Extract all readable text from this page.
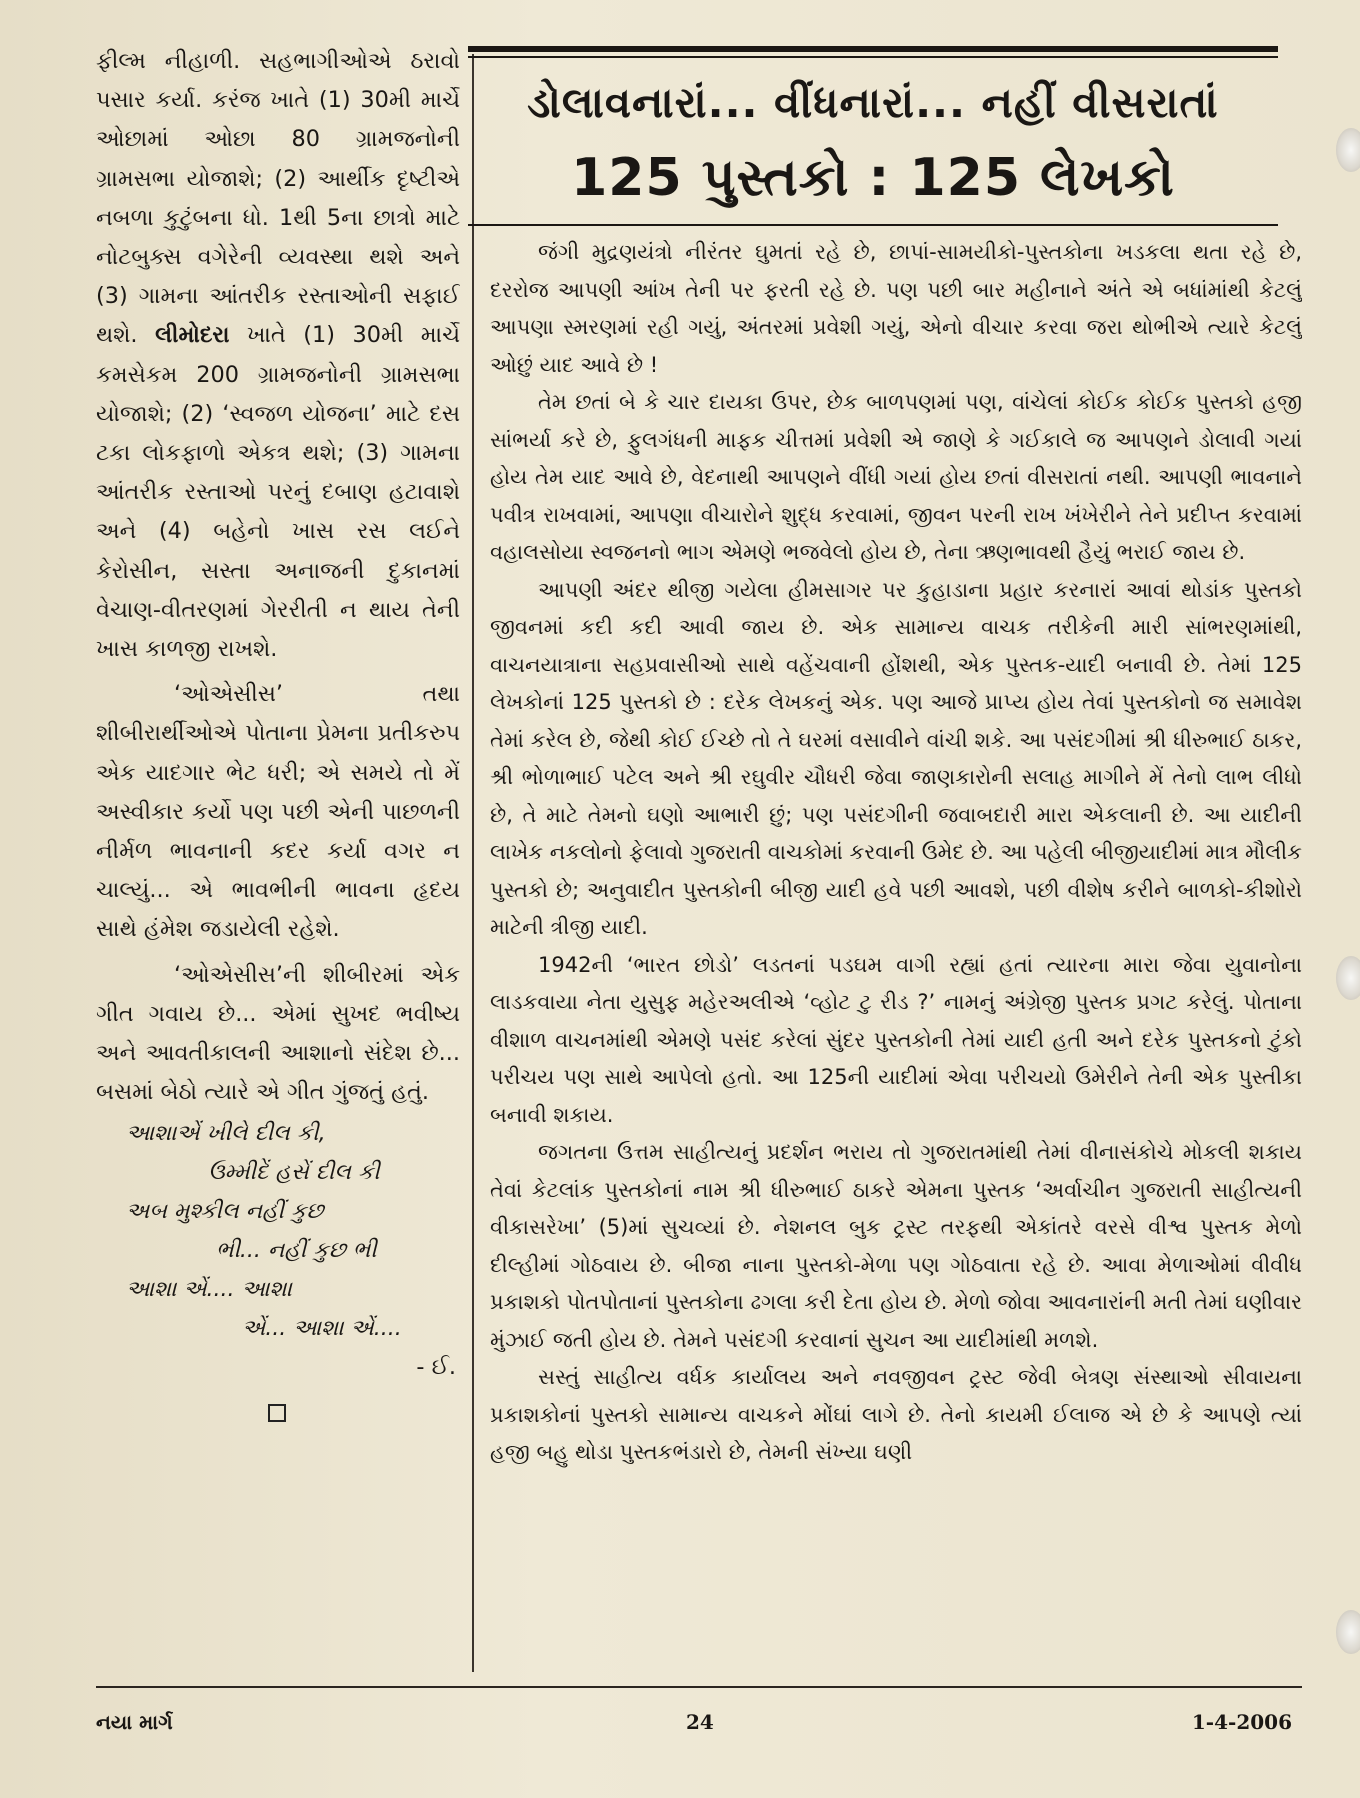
ફીલ્મ નીહાળી. સહભાગીઓએ ઠરાવો પસાર કર્યા. કરંજ ખાતે (1) 30મી માર્ચે ઓછામાં ઓછા 80 ગ્રામજનોની ગ્રામસભા યોજાશે; (2) આર્થીક દૃષ્ટીએ નબળા કુટુંબના ધો. 1થી 5ના છાત્રો માટે નોટબુક્સ વગેરેની વ્યવસ્થા થશે અને (3) ગામના આંતરીક રસ્તાઓની સફાઈ થશે. લીમોદરા ખાતે (1) 30મી માર્ચે કમસેકમ 200 ગ્રામજનોની ગ્રામસભા યોજાશે; (2) ‘સ્વજળ યોજના’ માટે દસ ટકા લોકફાળો એકત્ર થશે; (3) ગામના આંતરીક રસ્તાઓ પરનું દબાણ હટાવાશે અને (4) બહેનો ખાસ રસ લઈને કેરોસીન, સસ્તા અનાજની દુકાનમાં વેચાણ-વીતરણમાં ગેરરીતી ન થાય તેની ખાસ કાળજી રાખશે.

‘ઓએસીસ’ તથા શીબીરાર્થીઓએ પોતાના પ્રેમના પ્રતીકરુપ એક યાદગાર ભેટ ધરી; એ સમયે તો મેં અસ્વીકાર કર્યો પણ પછી એની પાછળની નીર્મળ ભાવનાની કદર કર્યા વગર ન ચાલ્યું... એ ભાવભીની ભાવના હૃદય સાથે હંમેશ જડાયેલી રહેશે.

‘ઓએસીસ’ની શીબીરમાં એક ગીત ગવાય છે... એમાં સુખદ ભવીષ્ય અને આવતીકાલની આશાનો સંદેશ છે... બસમાં બેઠો ત્યારે એ ગીત ગુંજતું હતું.

આશાએં ખીલે દીલ કી,
ઉમ્મીદેં હસેં દીલ કી
અબ મુશ્કીલ નહીં કુછ
ભી... નહીં કુછ ભી
આશા એં.... આશા
એં... આશા એં....
- ઈ.
ડોલાવનારાં... વીંધનારાં... નહીં વીસરાતાં
125 પુસ્તકો : 125 લેખકો

જંગી મુદ્રણયંત્રો નીરંતર ઘુમતાં રહે છે, છાપાં-સામયીકો-પુસ્તકોના ખડકલા થતા રહે છે, દરરોજ આપણી આંખ તેની પર ફરતી રહે છે. પણ પછી બાર મહીનાને અંતે એ બધાંમાંથી કેટલું આપણા સ્મરણમાં રહી ગયું, અંતરમાં પ્રવેશી ગયું, એનો વીચાર કરવા જરા થોભીએ ત્યારે કેટલું ઓછું યાદ આવે છે !

તેમ છતાં બે કે ચાર દાયકા ઉપર, છેક બાળપણમાં પણ, વાંચેલાં કોઈક કોઈક પુસ્તકો હજી સાંભર્યા કરે છે, ફુલગંધની માફક ચીત્તમાં પ્રવેશી એ જાણે કે ગઈકાલે જ આપણને ડોલાવી ગયાં હોય તેમ યાદ આવે છે, વેદનાથી આપણને વીંધી ગયાં હોય છતાં વીસરાતાં નથી. આપણી ભાવનાને પવીત્ર રાખવામાં, આપણા વીચારોને શુદ્ધ કરવામાં, જીવન પરની રાખ ખંખેરીને તેને પ્રદીપ્ત કરવામાં વહાલસોયા સ્વજનનો ભાગ એમણે ભજવેલો હોય છે, તેના ઋણભાવથી હૈયું ભરાઈ જાય છે.

આપણી અંદર થીજી ગયેલા હીમસાગર પર કુહાડાના પ્રહાર કરનારાં આવાં થોડાંક પુસ્તકો જીવનમાં કદી કદી આવી જાય છે. એક સામાન્ય વાચક તરીકેની મારી સાંભરણમાંથી, વાચનયાત્રાના સહપ્રવાસીઓ સાથે વહેંચવાની હોંશથી, એક પુસ્તક-યાદી બનાવી છે. તેમાં 125 લેખકોનાં 125 પુસ્તકો છે : દરેક લેખકનું એક. પણ આજે પ્રાપ્ય હોય તેવાં પુસ્તકોનો જ સમાવેશ તેમાં કરેલ છે, જેથી કોઈ ઈચ્છે તો તે ઘરમાં વસાવીને વાંચી શકે. આ પસંદગીમાં શ્રી ધીરુભાઈ ઠાકર, શ્રી ભોળાભાઈ પટેલ અને શ્રી રઘુવીર ચૌધરી જેવા જાણકારોની સલાહ માગીને મેં તેનો લાભ લીધો છે, તે માટે તેમનો ઘણો આભારી છું; પણ પસંદગીની જવાબદારી મારા એકલાની છે. આ યાદીની લાખેક નકલોનો ફેલાવો ગુજરાતી વાચકોમાં કરવાની ઉમેદ છે. આ પહેલી બીજીયાદીમાં માત્ર મૌલીક પુસ્તકો છે; અનુવાદીત પુસ્તકોની બીજી યાદી હવે પછી આવશે, પછી વીશેષ કરીને બાળકો-કીશોરો માટેની ત્રીજી યાદી.

1942ની ‘ભારત છોડો’ લડતનાં પડઘમ વાગી રહ્યાં હતાં ત્યારના મારા જેવા યુવાનોના લાડકવાયા નેતા યુસુફ મહેરઅલીએ ‘વ્હોટ ટુ રીડ ?’ નામનું અંગ્રેજી પુસ્તક પ્રગટ કરેલું. પોતાના વીશાળ વાચનમાંથી એમણે પસંદ કરેલાં સુંદર પુસ્તકોની તેમાં યાદી હતી અને દરેક પુસ્તકનો ટુંકો પરીચય પણ સાથે આપેલો હતો. આ 125ની યાદીમાં એવા પરીચયો ઉમેરીને તેની એક પુસ્તીકા બનાવી શકાય.

જગતના ઉત્તમ સાહીત્યનું પ્રદર્શન ભરાય તો ગુજરાતમાંથી તેમાં વીનાસંકોચે મોકલી શકાય તેવાં કેટલાંક પુસ્તકોનાં નામ શ્રી ધીરુભાઈ ઠાકરે એમના પુસ્તક ‘અર્વાચીન ગુજરાતી સાહીત્યની વીકાસરેખા’ (5)માં સુચવ્યાં છે. નેશનલ બુક ટ્રસ્ટ તરફથી એકાંતરે વરસે વીશ્વ પુસ્તક મેળો દીલ્હીમાં ગોઠવાય છે. બીજા નાના પુસ્તકો-મેળા પણ ગોઠવાતા રહે છે. આવા મેળાઓમાં વીવીધ પ્રકાશકો પોતપોતાનાં પુસ્તકોના ઢગલા કરી દેતા હોય છે. મેળો જોવા આવનારાંની મતી તેમાં ઘણીવાર મુંઝાઈ જતી હોય છે. તેમને પસંદગી કરવાનાં સુચન આ યાદીમાંથી મળશે.

સસ્તું સાહીત્ય વર્ધક કાર્યાલય અને નવજીવન ટ્રસ્ટ જેવી બેત્રણ સંસ્થાઓ સીવાયના પ્રકાશકોનાં પુસ્તકો સામાન્ય વાચકને મોંઘાં લાગે છે. તેનો કાયમી ઈલાજ એ છે કે આપણે ત્યાં હજી બહુ થોડા પુસ્તકભંડારો છે, તેમની સંખ્યા ઘણી

નયા માર્ગ	24	1-4-2006
